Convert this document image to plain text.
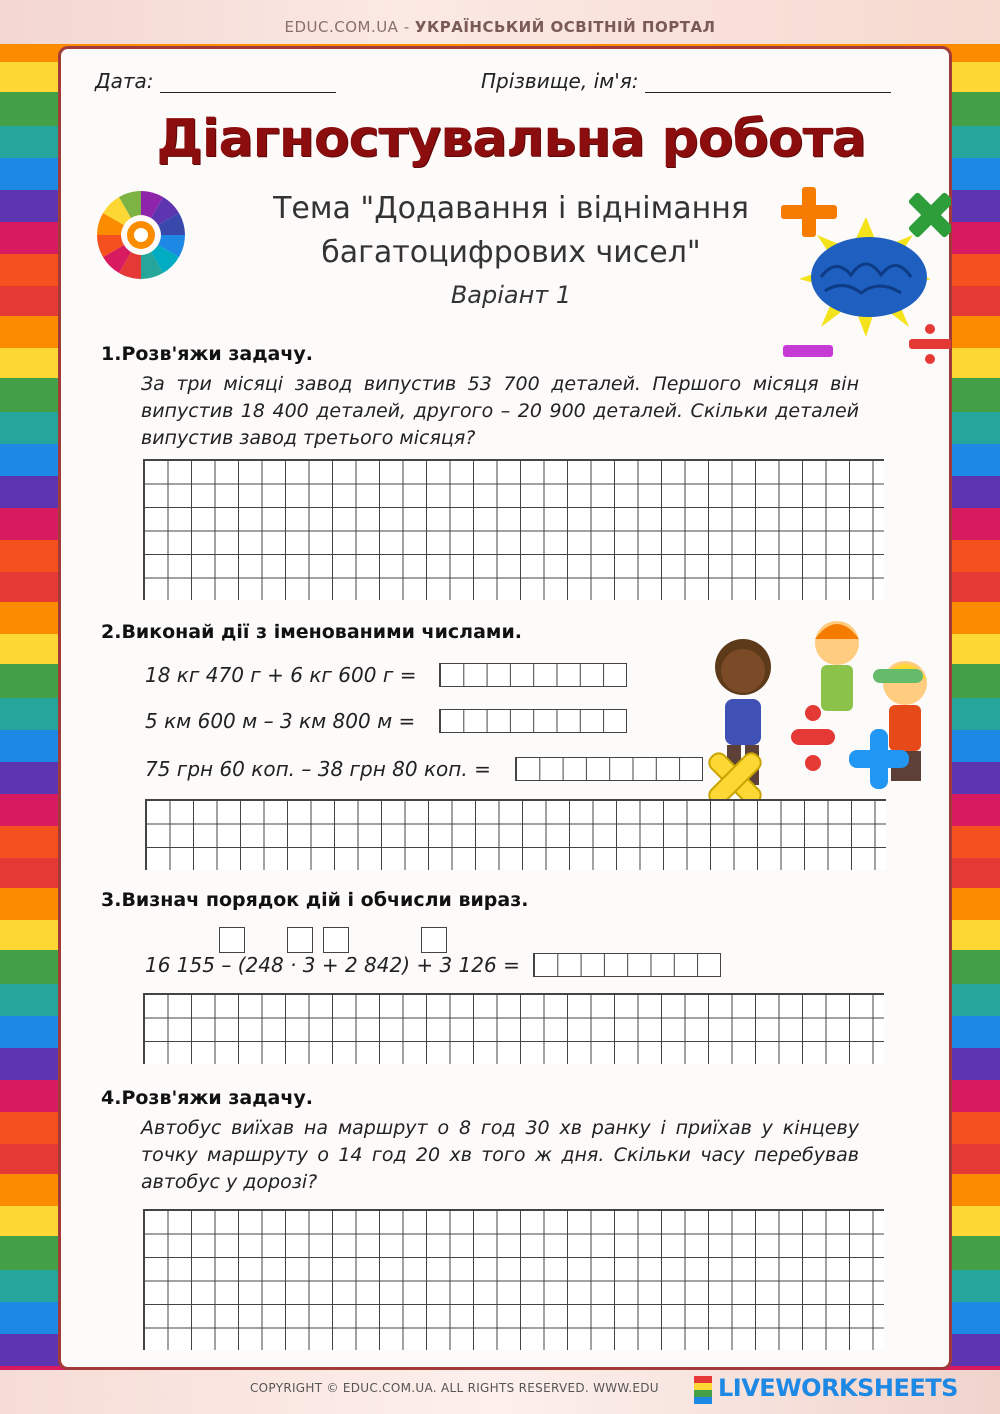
EDUC.COM.UA - УКРАЇНСЬКИЙ ОСВІТНІЙ ПОРТАЛ
Дата:	Прізвище, ім'я:
Діагностувальна робота
Тема "Додавання і віднімання
багатоцифрових чисел"
Варіант 1
1.Розв'яжи задачу.
За три місяці завод випустив 53 700 деталей. Першого місяця він випустив 18 400 деталей, другого – 20 900 деталей. Скільки деталей випустив завод третього місяця?
2.Виконай дії з іменованими числами.
18 кг 470 г + 6 кг 600 г =
5 км 600 м – 3 км 800 м =
75 грн 60 коп. – 38 грн 80 коп. =
3.Визнач порядок дій і обчисли вираз.
16 155 – (248 · 3 + 2 842) + 3 126 =
4.Розв'яжи задачу.
Автобус виїхав на маршрут о 8 год 30 хв ранку і приїхав у кінцеву точку маршруту о 14 год 20 хв того ж дня. Скільки часу перебував автобус у дорозі?
COPYRIGHT © EDUC.COM.UA. ALL RIGHTS RESERVED. WWW.EDU LIVEWORKSHEETS
